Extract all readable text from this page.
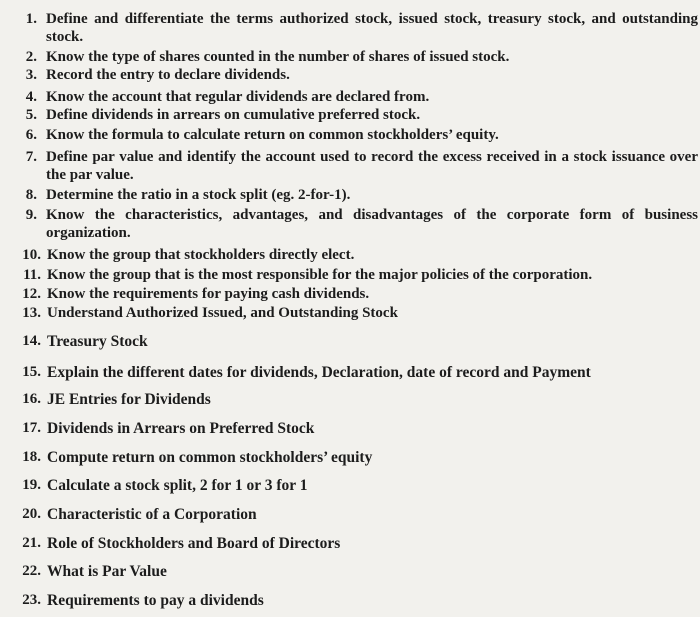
1. Define and differentiate the terms authorized stock, issued stock, treasury stock, and outstanding stock.
2. Know the type of shares counted in the number of shares of issued stock.
3. Record the entry to declare dividends.
4. Know the account that regular dividends are declared from.
5. Define dividends in arrears on cumulative preferred stock.
6. Know the formula to calculate return on common stockholders’ equity.
7. Define par value and identify the account used to record the excess received in a stock issuance over the par value.
8. Determine the ratio in a stock split (eg. 2-for-1).
9. Know the characteristics, advantages, and disadvantages of the corporate form of business organization.
10. Know the group that stockholders directly elect.
11. Know the group that is the most responsible for the major policies of the corporation.
12. Know the requirements for paying cash dividends.
13. Understand Authorized Issued, and Outstanding Stock
14. Treasury Stock
15. Explain the different dates for dividends, Declaration, date of record and Payment
16. JE Entries for Dividends
17. Dividends in Arrears on Preferred Stock
18. Compute return on common stockholders’ equity
19. Calculate a stock split, 2 for 1 or 3 for 1
20. Characteristic of a Corporation
21. Role of Stockholders and Board of Directors
22. What is Par Value
23. Requirements to pay a dividends
